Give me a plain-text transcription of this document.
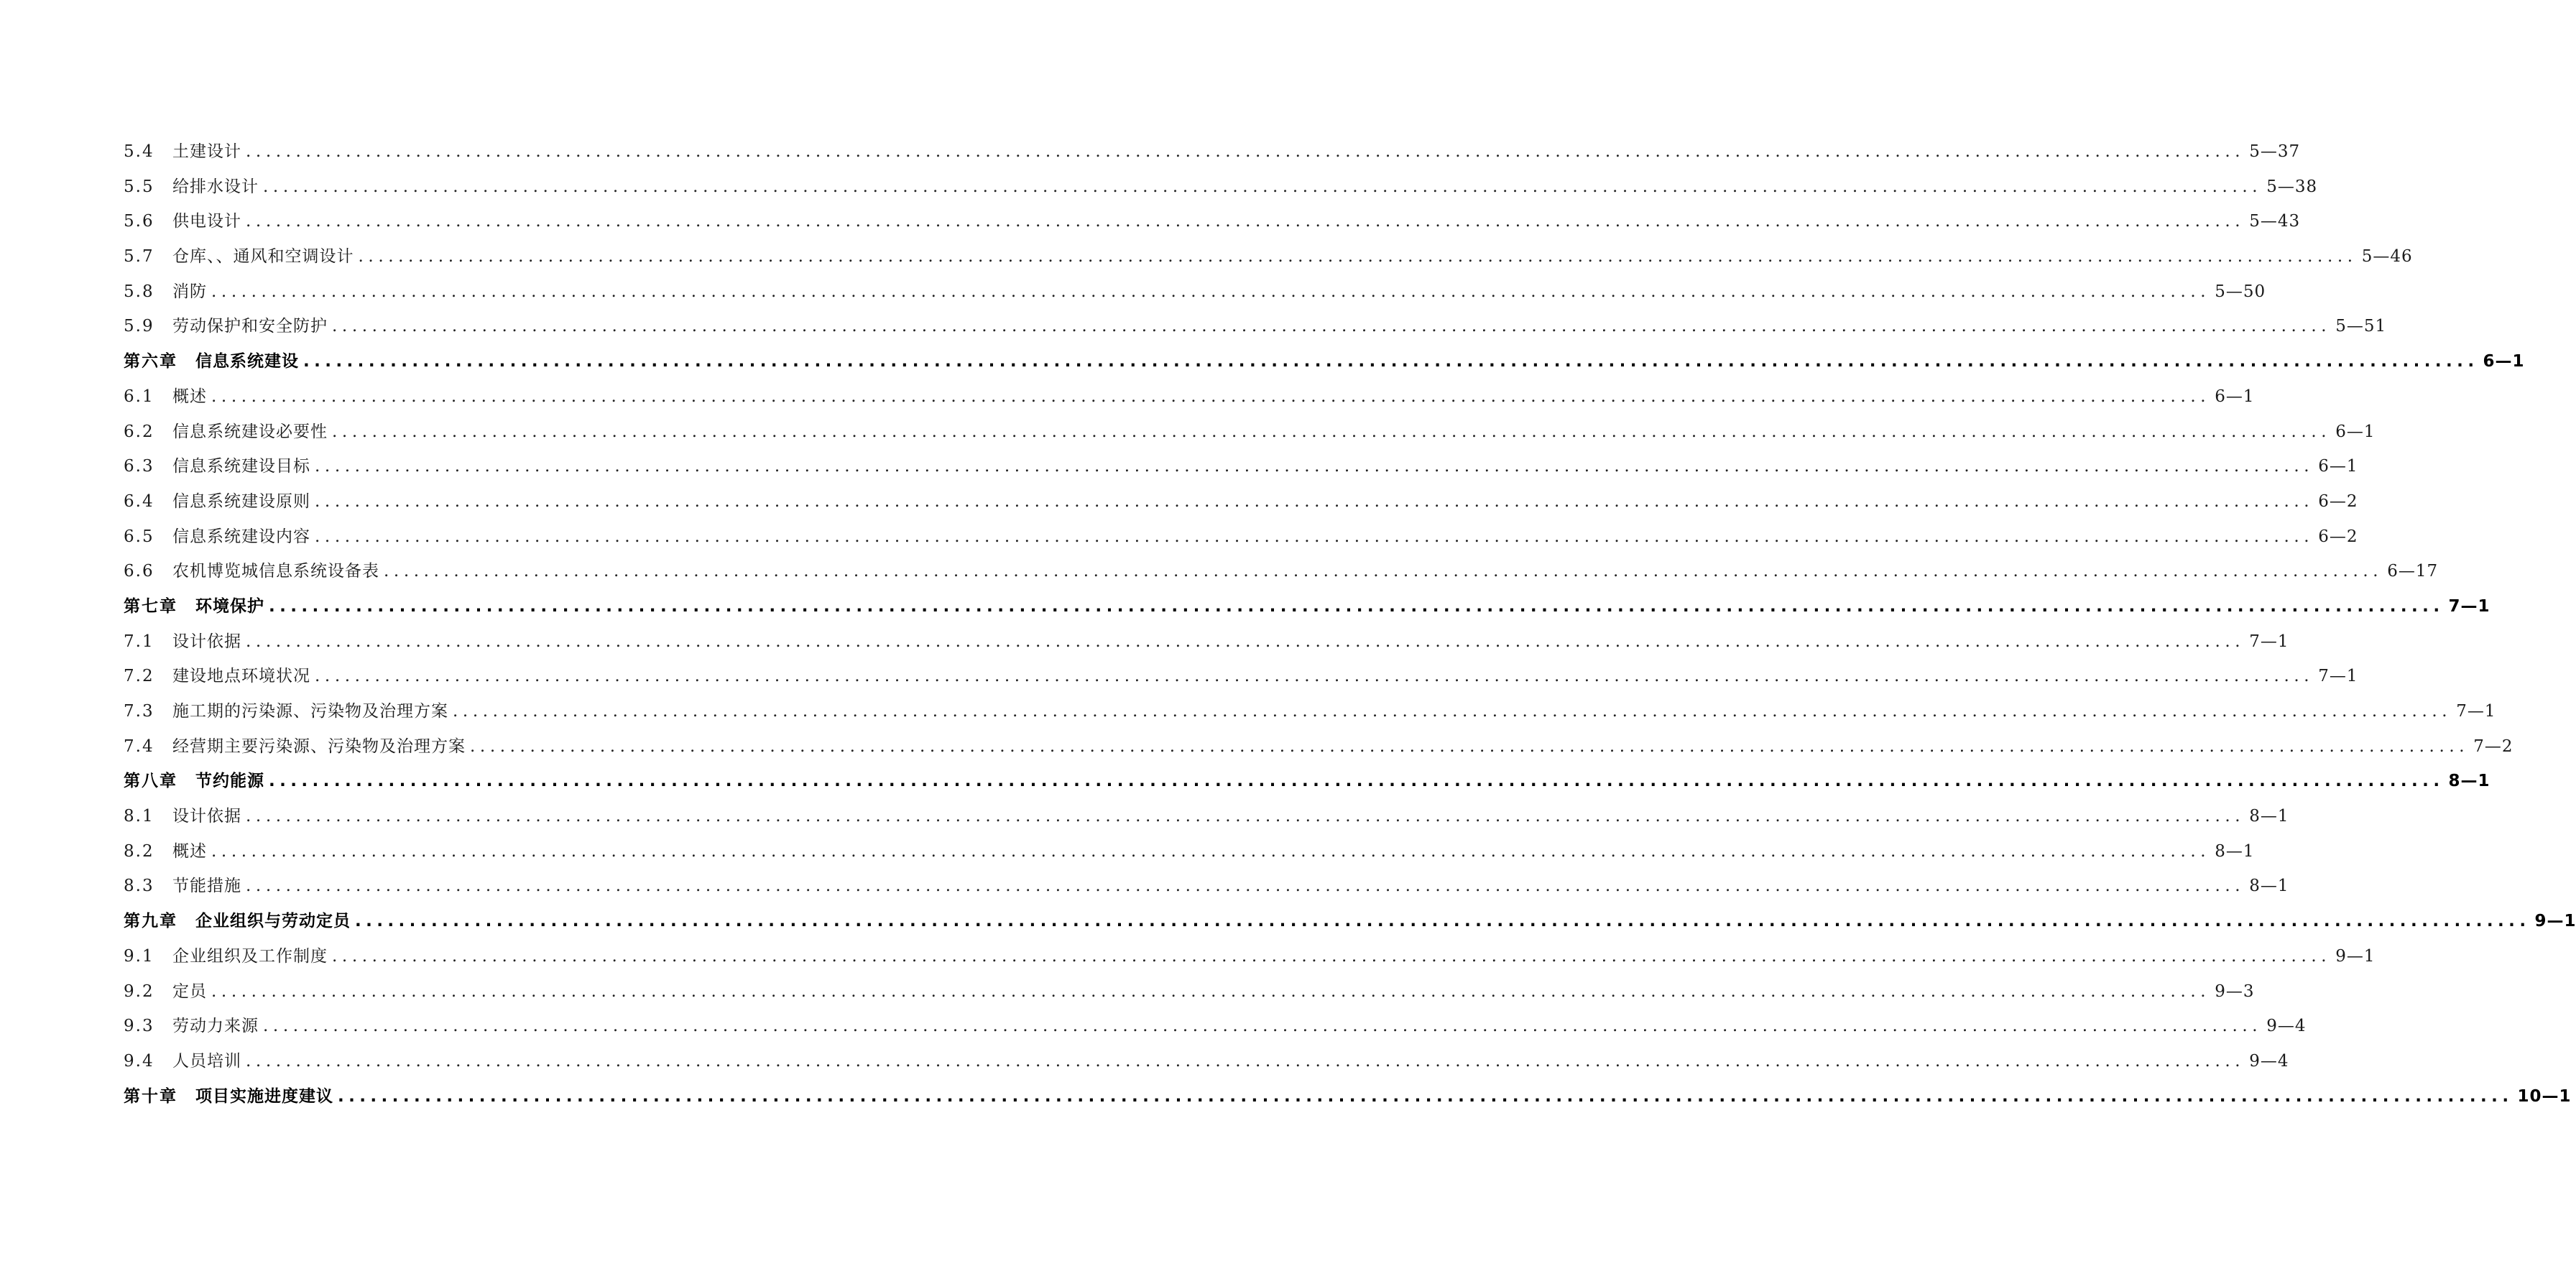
5.4	土建设计 ........................................................................................................................................................................................................ 5—37
5.5	给排水设计 ........................................................................................................................................................................................................ 5—38
5.6	供电设计 ........................................................................................................................................................................................................ 5—43
5.7	仓库、、通风和空调设计 ........................................................................................................................................................................................................ 5—46
5.8	消防 ........................................................................................................................................................................................................ 5—50
5.9	劳动保护和安全防护 ........................................................................................................................................................................................................ 5—51
第六章	信息系统建设 ........................................................................................................................................................................................................ 6—1
6.1	概述 ........................................................................................................................................................................................................ 6—1
6.2	信息系统建设必要性 ........................................................................................................................................................................................................ 6—1
6.3	信息系统建设目标 ........................................................................................................................................................................................................ 6—1
6.4	信息系统建设原则 ........................................................................................................................................................................................................ 6—2
6.5	信息系统建设内容 ........................................................................................................................................................................................................ 6—2
6.6	农机博览城信息系统设备表 ........................................................................................................................................................................................................ 6—17
第七章	环境保护 ........................................................................................................................................................................................................ 7—1
7.1	设计依据 ........................................................................................................................................................................................................ 7—1
7.2	建设地点环境状况 ........................................................................................................................................................................................................ 7—1
7.3	施工期的污染源、污染物及治理方案 ........................................................................................................................................................................................................ 7—1
7.4	经营期主要污染源、污染物及治理方案 ........................................................................................................................................................................................................ 7—2
第八章	节约能源 ........................................................................................................................................................................................................ 8—1
8.1	设计依据 ........................................................................................................................................................................................................ 8—1
8.2	概述 ........................................................................................................................................................................................................ 8—1
8.3	节能措施 ........................................................................................................................................................................................................ 8—1
第九章	企业组织与劳动定员 ........................................................................................................................................................................................................ 9—1
9.1	企业组织及工作制度 ........................................................................................................................................................................................................ 9—1
9.2	定员 ........................................................................................................................................................................................................ 9—3
9.3	劳动力来源 ........................................................................................................................................................................................................ 9—4
9.4	人员培训 ........................................................................................................................................................................................................ 9—4
第十章	项目实施进度建议 ........................................................................................................................................................................................................ 10—1
